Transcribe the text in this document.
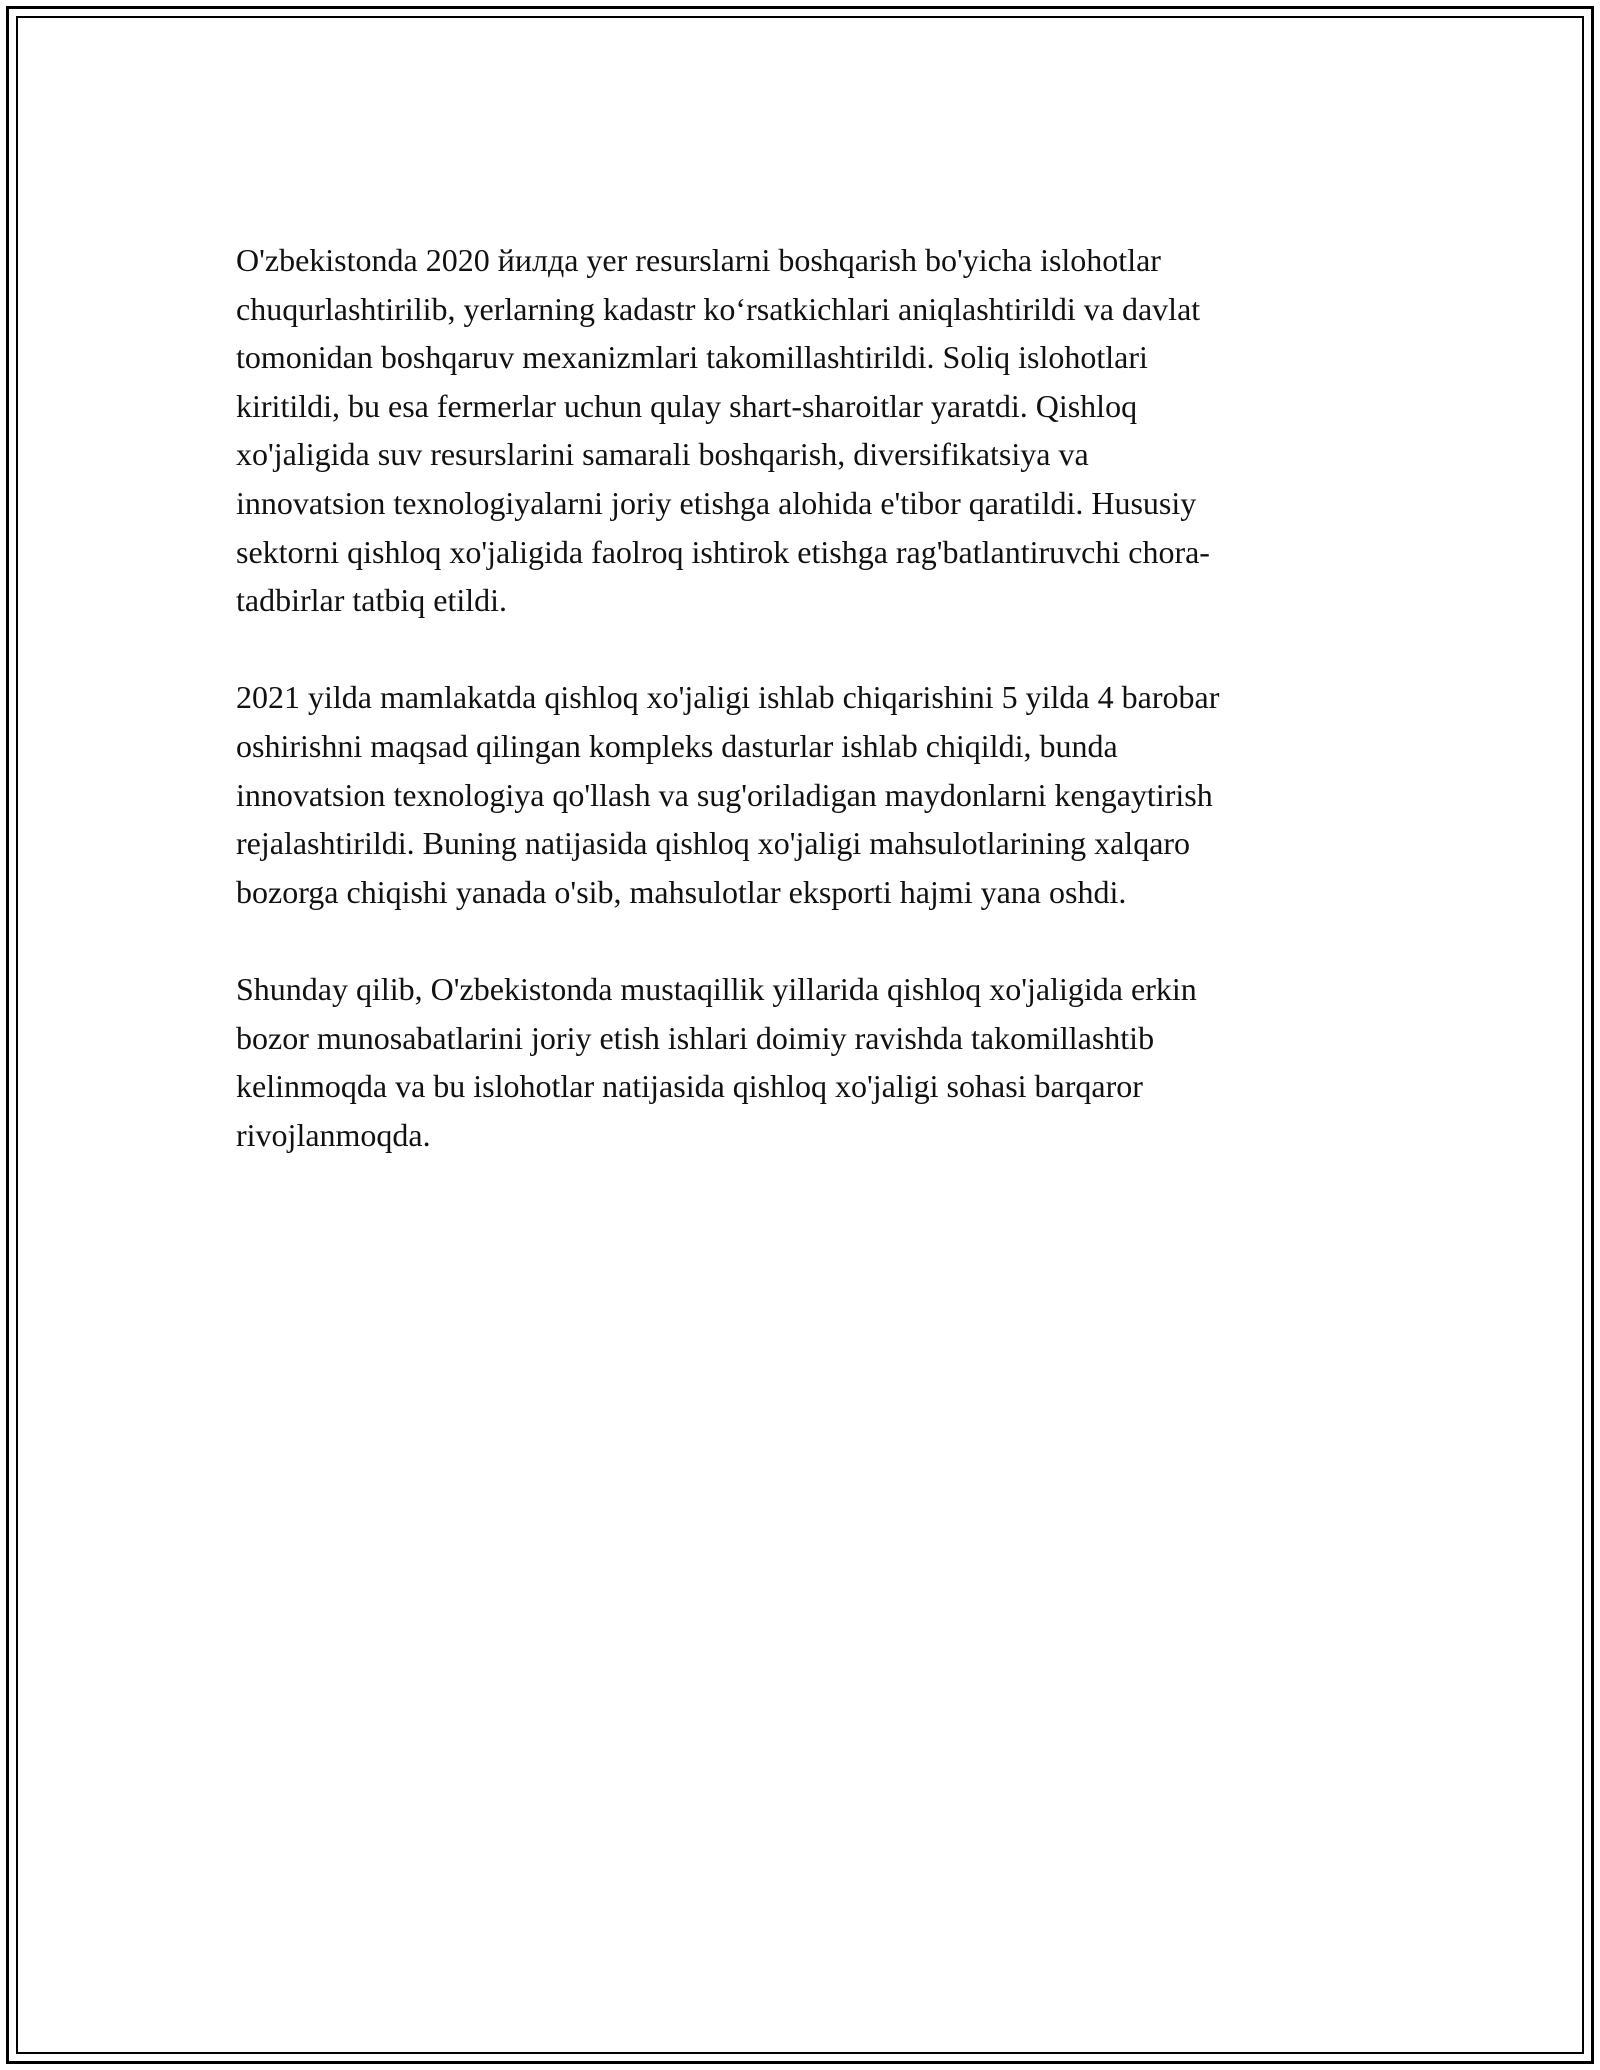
O'zbekistonda 2020 йилда yer resurslarni boshqarish bo'yicha islohotlar
chuqurlashtirilib, yerlarning kadastr koʻrsatkichlari aniqlashtirildi va davlat
tomonidan boshqaruv mexanizmlari takomillashtirildi. Soliq islohotlari
kiritildi, bu esa fermerlar uchun qulay shart-sharoitlar yaratdi. Qishloq
xo'jaligida suv resurslarini samarali boshqarish, diversifikatsiya va
innovatsion texnologiyalarni joriy etishga alohida e'tibor qaratildi. Hususiy
sektorni qishloq xo'jaligida faolroq ishtirok etishga rag'batlantiruvchi chora-
tadbirlar tatbiq etildi.

2021 yilda mamlakatda qishloq xo'jaligi ishlab chiqarishini 5 yilda 4 barobar
oshirishni maqsad qilingan kompleks dasturlar ishlab chiqildi, bunda
innovatsion texnologiya qo'llash va sug'oriladigan maydonlarni kengaytirish
rejalashtirildi. Buning natijasida qishloq xo'jaligi mahsulotlarining xalqaro
bozorga chiqishi yanada o'sib, mahsulotlar eksporti hajmi yana oshdi.

Shunday qilib, O'zbekistonda mustaqillik yillarida qishloq xo'jaligida erkin
bozor munosabatlarini joriy etish ishlari doimiy ravishda takomillashtib
kelinmoqda va bu islohotlar natijasida qishloq xo'jaligi sohasi barqaror
rivojlanmoqda.
